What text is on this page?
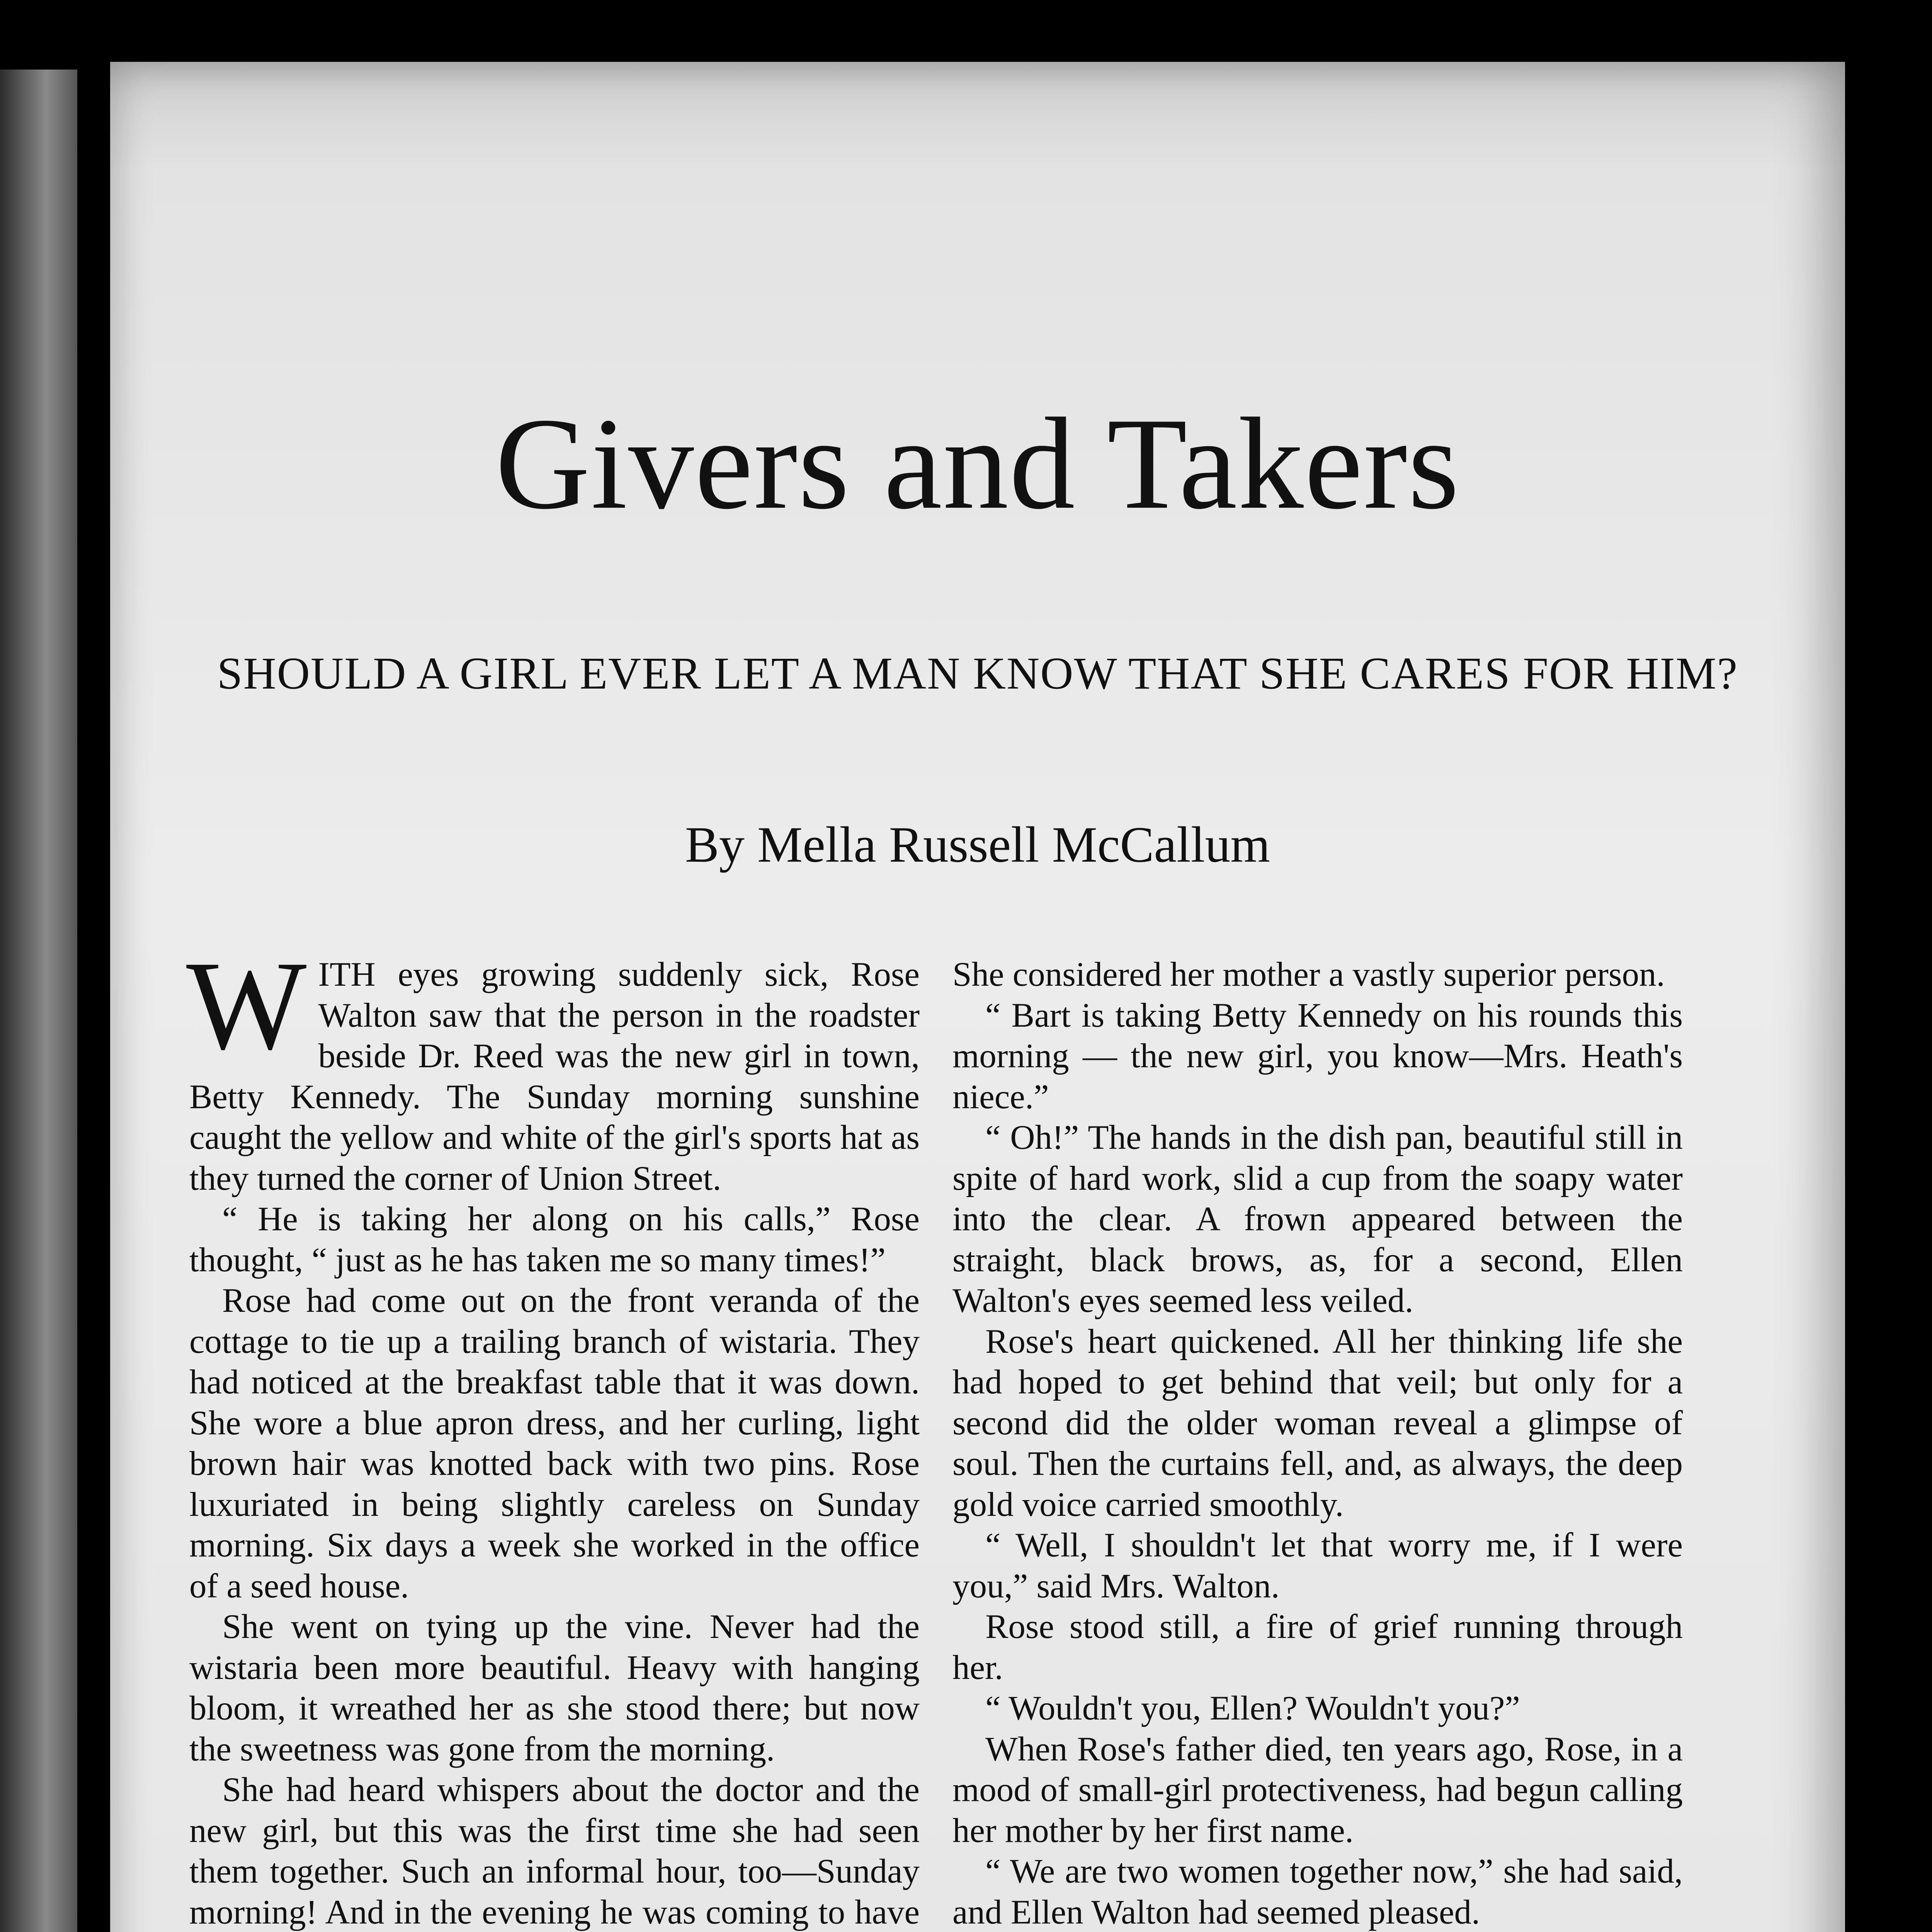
Givers and Takers
SHOULD A GIRL EVER LET A MAN KNOW THAT SHE CARES FOR HIM?
By Mella Russell McCallum

WITH eyes growing suddenly sick, Rose Walton saw that the person in the roadster beside Dr. Reed was the new girl in town, Betty Kennedy. The Sunday morning sunshine caught the yellow and white of the girl's sports hat as they turned the corner of Union Street.

“ He is taking her along on his calls,” Rose thought, “ just as he has taken me so many times!”

Rose had come out on the front veranda of the cottage to tie up a trailing branch of wistaria. They had noticed at the breakfast table that it was down. She wore a blue apron dress, and her curling, light brown hair was knotted back with two pins. Rose luxuriated in being slightly careless on Sunday morning. Six days a week she worked in the office of a seed house.

She went on tying up the vine. Never had the wistaria been more beautiful. Heavy with hanging bloom, it wreathed her as she stood there; but now the sweetness was gone from the morning.

She had heard whispers about the doctor and the new girl, but this was the first time she had seen them together. Such an informal hour, too—Sunday morning! And in the evening he was coming to have

She considered her mother a vastly superior person.

“ Bart is taking Betty Kennedy on his rounds this morning — the new girl, you know—Mrs. Heath's niece.”

“ Oh!” The hands in the dish pan, beautiful still in spite of hard work, slid a cup from the soapy water into the clear. A frown appeared between the straight, black brows, as, for a second, Ellen Walton's eyes seemed less veiled.

Rose's heart quickened. All her thinking life she had hoped to get behind that veil; but only for a second did the older woman reveal a glimpse of soul. Then the curtains fell, and, as always, the deep gold voice carried smoothly.

“ Well, I shouldn't let that worry me, if I were you,” said Mrs. Walton.

Rose stood still, a fire of grief running through her.

“ Wouldn't you, Ellen? Wouldn't you?”

When Rose's father died, ten years ago, Rose, in a mood of small-girl protectiveness, had begun calling her mother by her first name.

“ We are two women together now,” she had said, and Ellen Walton had seemed pleased.
